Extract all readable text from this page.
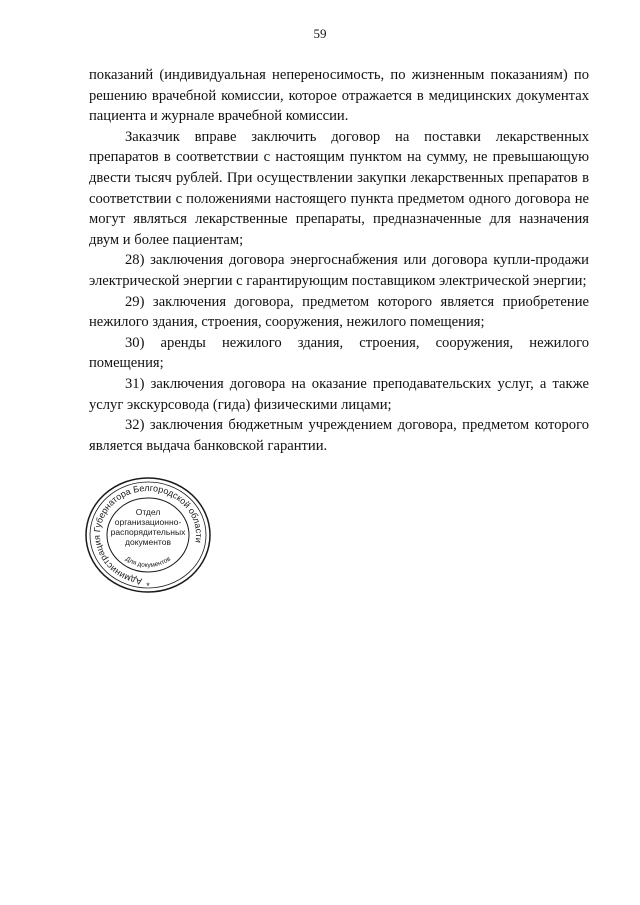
59

показаний (индивидуальная непереносимость, по жизненным показаниям) по решению врачебной комиссии, которое отражается в медицинских документах пациента и журнале врачебной комиссии.

Заказчик вправе заключить договор на поставки лекарственных препаратов в соответствии с настоящим пунктом на сумму, не превышающую двести тысяч рублей. При осуществлении закупки лекарственных препаратов в соответствии с положениями настоящего пункта предметом одного договора не могут являться лекарственные препараты, предназначенные для назначения двум и более пациентам;

28) заключения договора энергоснабжения или договора купли-продажи электрической энергии с гарантирующим поставщиком электрической энергии;

29) заключения договора, предметом которого является приобретение нежилого здания, строения, сооружения, нежилого помещения;

30) аренды нежилого здания, строения, сооружения, нежилого помещения;

31) заключения договора на оказание преподавательских услуг, а также услуг экскурсовода (гида) физическими лицами;

32) заключения бюджетным учреждением договора, предметом которого является выдача банковской гарантии.

Администрация Губернатора Белгородской области
Для документов
Отдел
организационно-
распорядительных
документов
*
